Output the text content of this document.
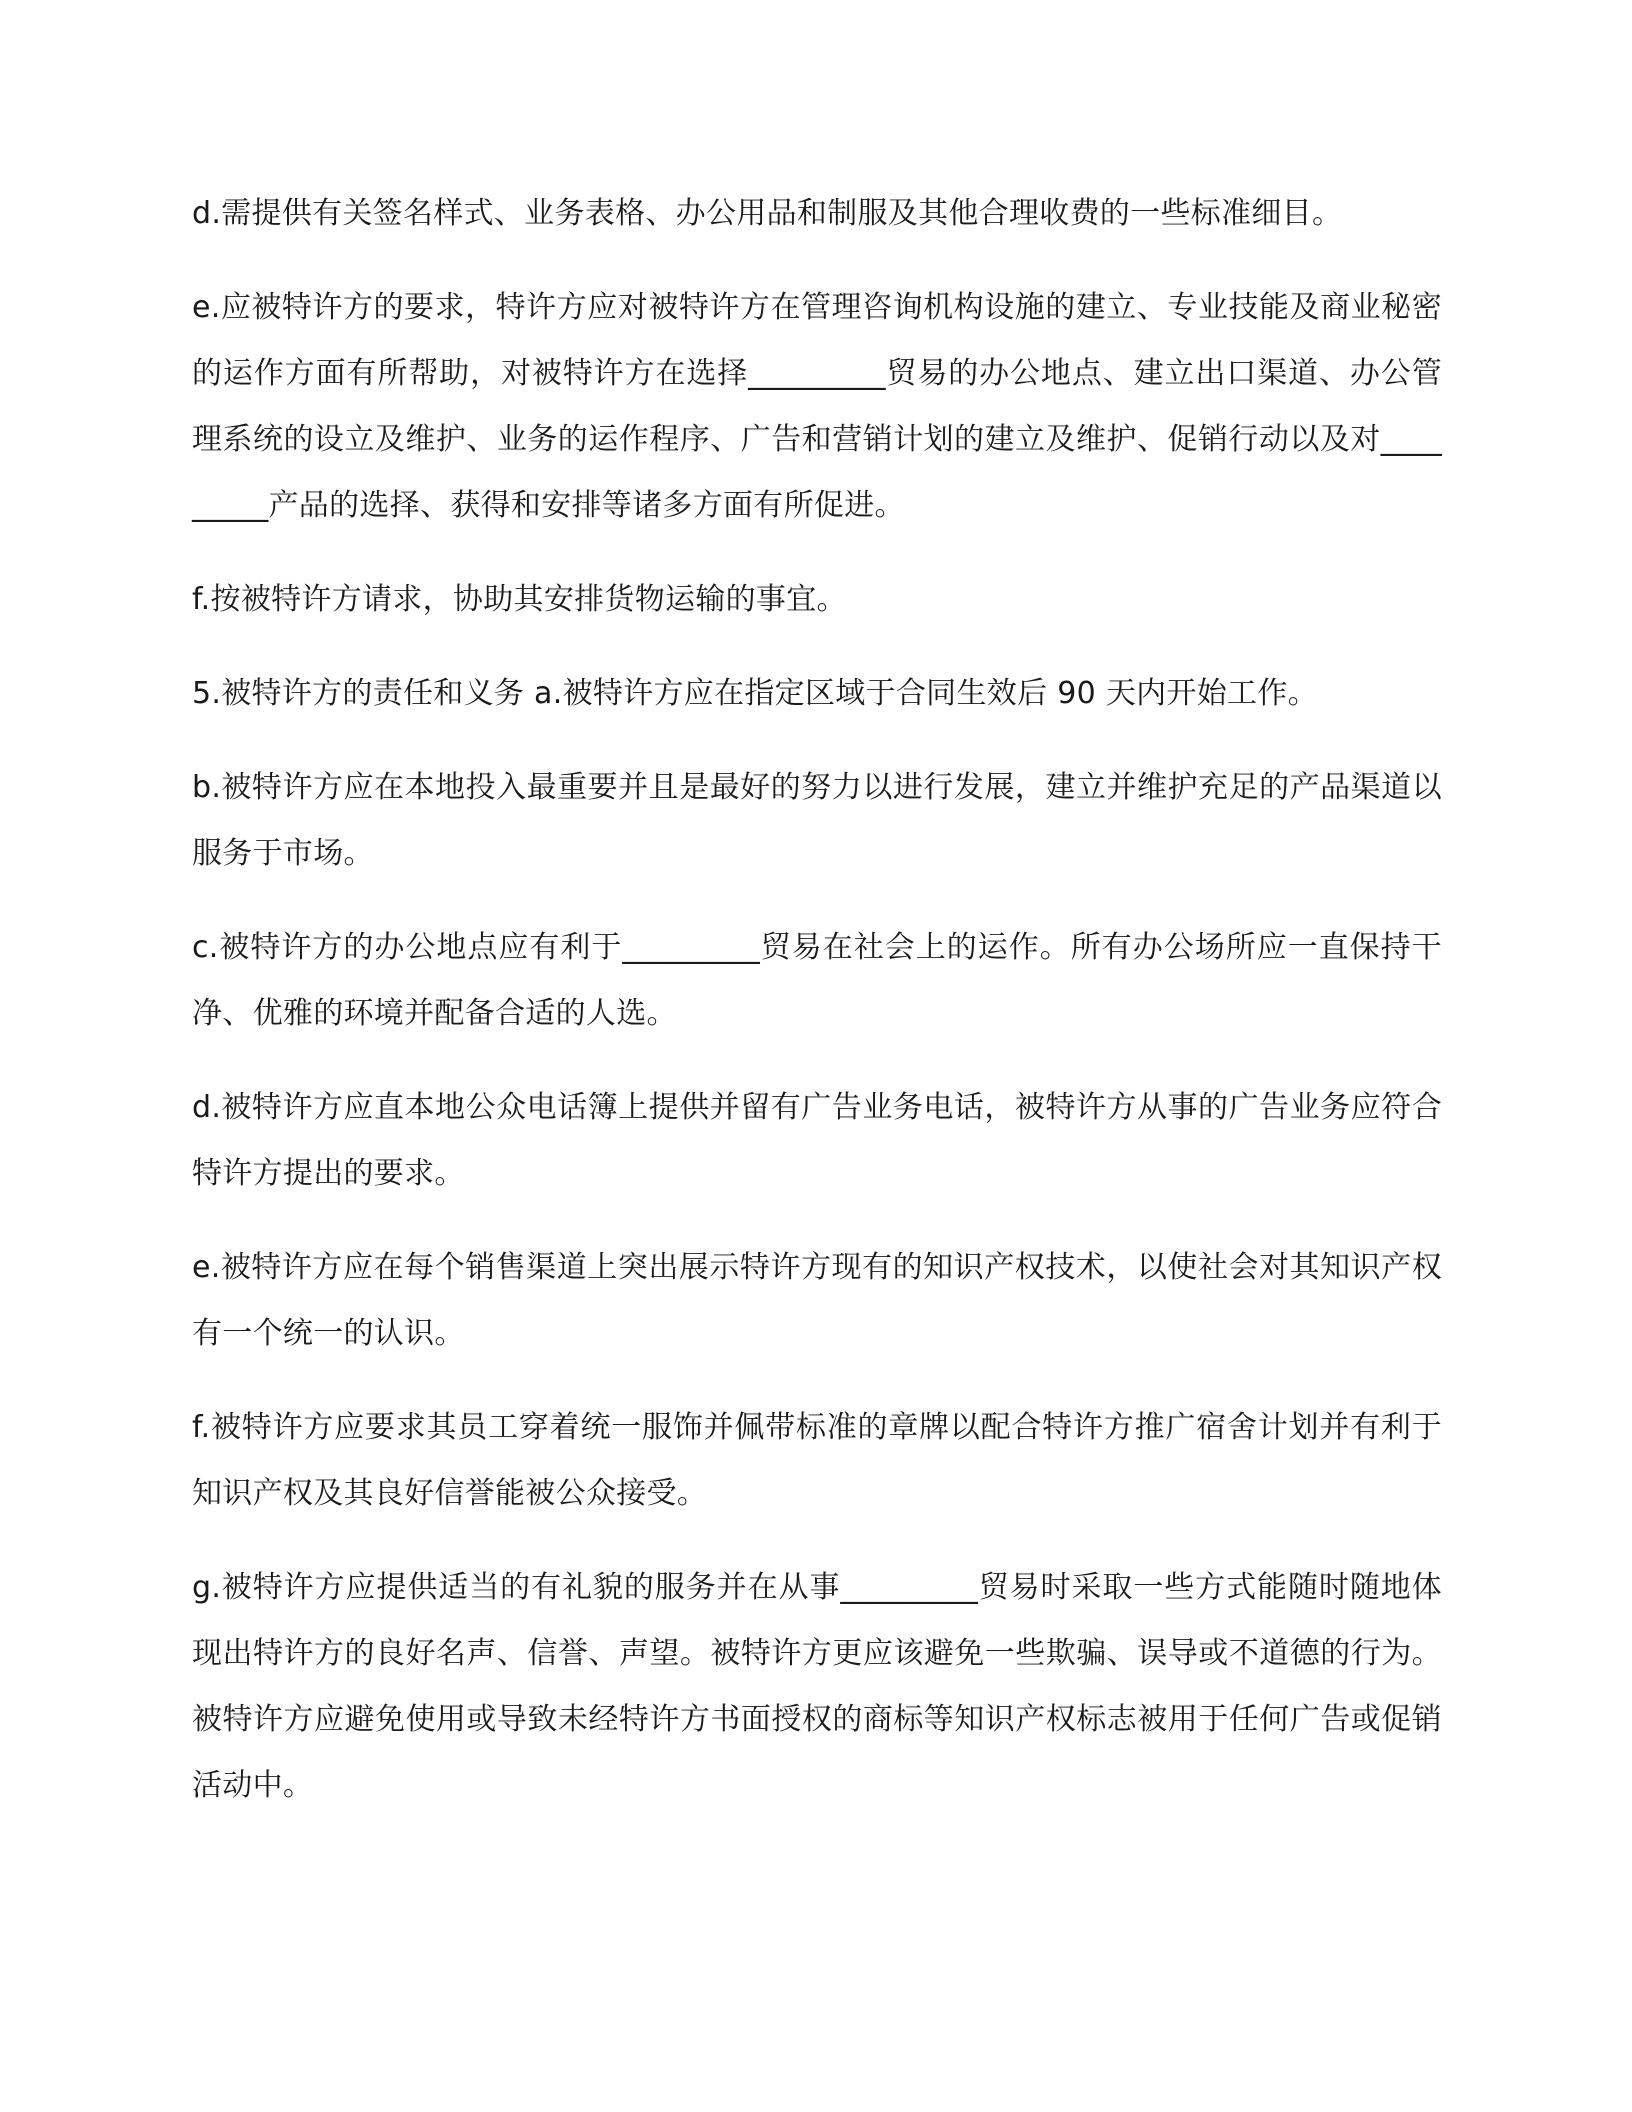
d.需提供有关签名样式、业务表格、办公用品和制服及其他合理收费的一些标准细目。

e.应被特许方的要求，特许方应对被特许方在管理咨询机构设施的建立、专业技能及商业秘密的运作方面有所帮助，对被特许方在选择_________贸易的办公地点、建立出口渠道、办公管理系统的设立及维护、业务的运作程序、广告和营销计划的建立及维护、促销行动以及对_________产品的选择、获得和安排等诸多方面有所促进。

f.按被特许方请求，协助其安排货物运输的事宜。

5.被特许方的责任和义务 a.被特许方应在指定区域于合同生效后 90 天内开始工作。

b.被特许方应在本地投入最重要并且是最好的努力以进行发展，建立并维护充足的产品渠道以服务于市场。

c.被特许方的办公地点应有利于_________贸易在社会上的运作。所有办公场所应一直保持干净、优雅的环境并配备合适的人选。

d.被特许方应直本地公众电话簿上提供并留有广告业务电话，被特许方从事的广告业务应符合特许方提出的要求。

e.被特许方应在每个销售渠道上突出展示特许方现有的知识产权技术，以使社会对其知识产权有一个统一的认识。

f.被特许方应要求其员工穿着统一服饰并佩带标准的章牌以配合特许方推广宿舍计划并有利于知识产权及其良好信誉能被公众接受。

g.被特许方应提供适当的有礼貌的服务并在从事_________贸易时采取一些方式能随时随地体现出特许方的良好名声、信誉、声望。被特许方更应该避免一些欺骗、误导或不道德的行为。被特许方应避免使用或导致未经特许方书面授权的商标等知识产权标志被用于任何广告或促销活动中。
